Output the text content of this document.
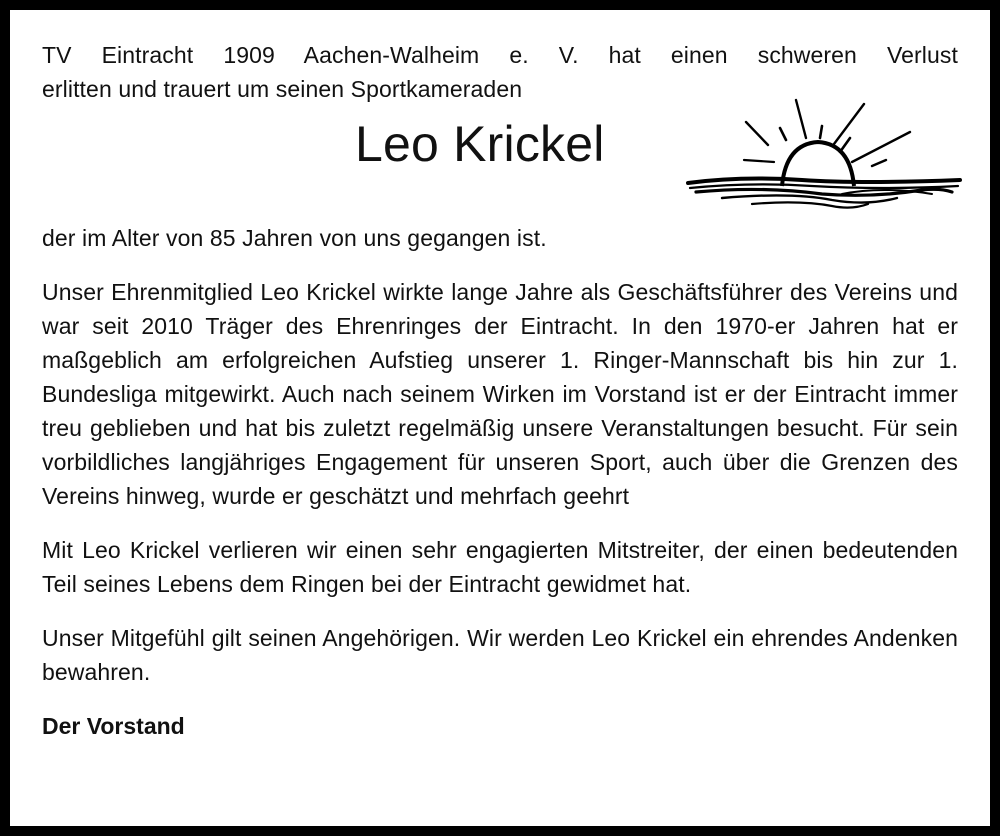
TV Eintracht 1909 Aachen-Walheim e. V. hat einen schweren Verlust

erlitten und trauert um seinen Sportkameraden

Leo Krickel

der im Alter von 85 Jahren von uns gegangen ist.

Unser Ehrenmitglied Leo Krickel wirkte lange Jahre als Geschäftsführer des Vereins und war seit 2010 Träger des Ehrenringes der Eintracht. In den 1970-er Jahren hat er maßgeblich am erfolgreichen Aufstieg unserer 1. Ringer-Mannschaft bis hin zur 1. Bundesliga mitgewirkt. Auch nach seinem Wirken im Vorstand ist er der Eintracht immer treu geblieben und hat bis zuletzt regelmäßig unsere Veranstaltungen besucht. Für sein vorbildliches langjähriges Engagement für unseren Sport, auch über die Grenzen des Vereins hinweg, wurde er geschätzt und mehrfach geehrt

Mit Leo Krickel verlieren wir einen sehr engagierten Mitstreiter, der einen bedeutenden Teil seines Lebens dem Ringen bei der Eintracht gewidmet hat.

Unser Mitgefühl gilt seinen Angehörigen. Wir werden Leo Krickel ein ehrendes Andenken bewahren.

Der Vorstand
